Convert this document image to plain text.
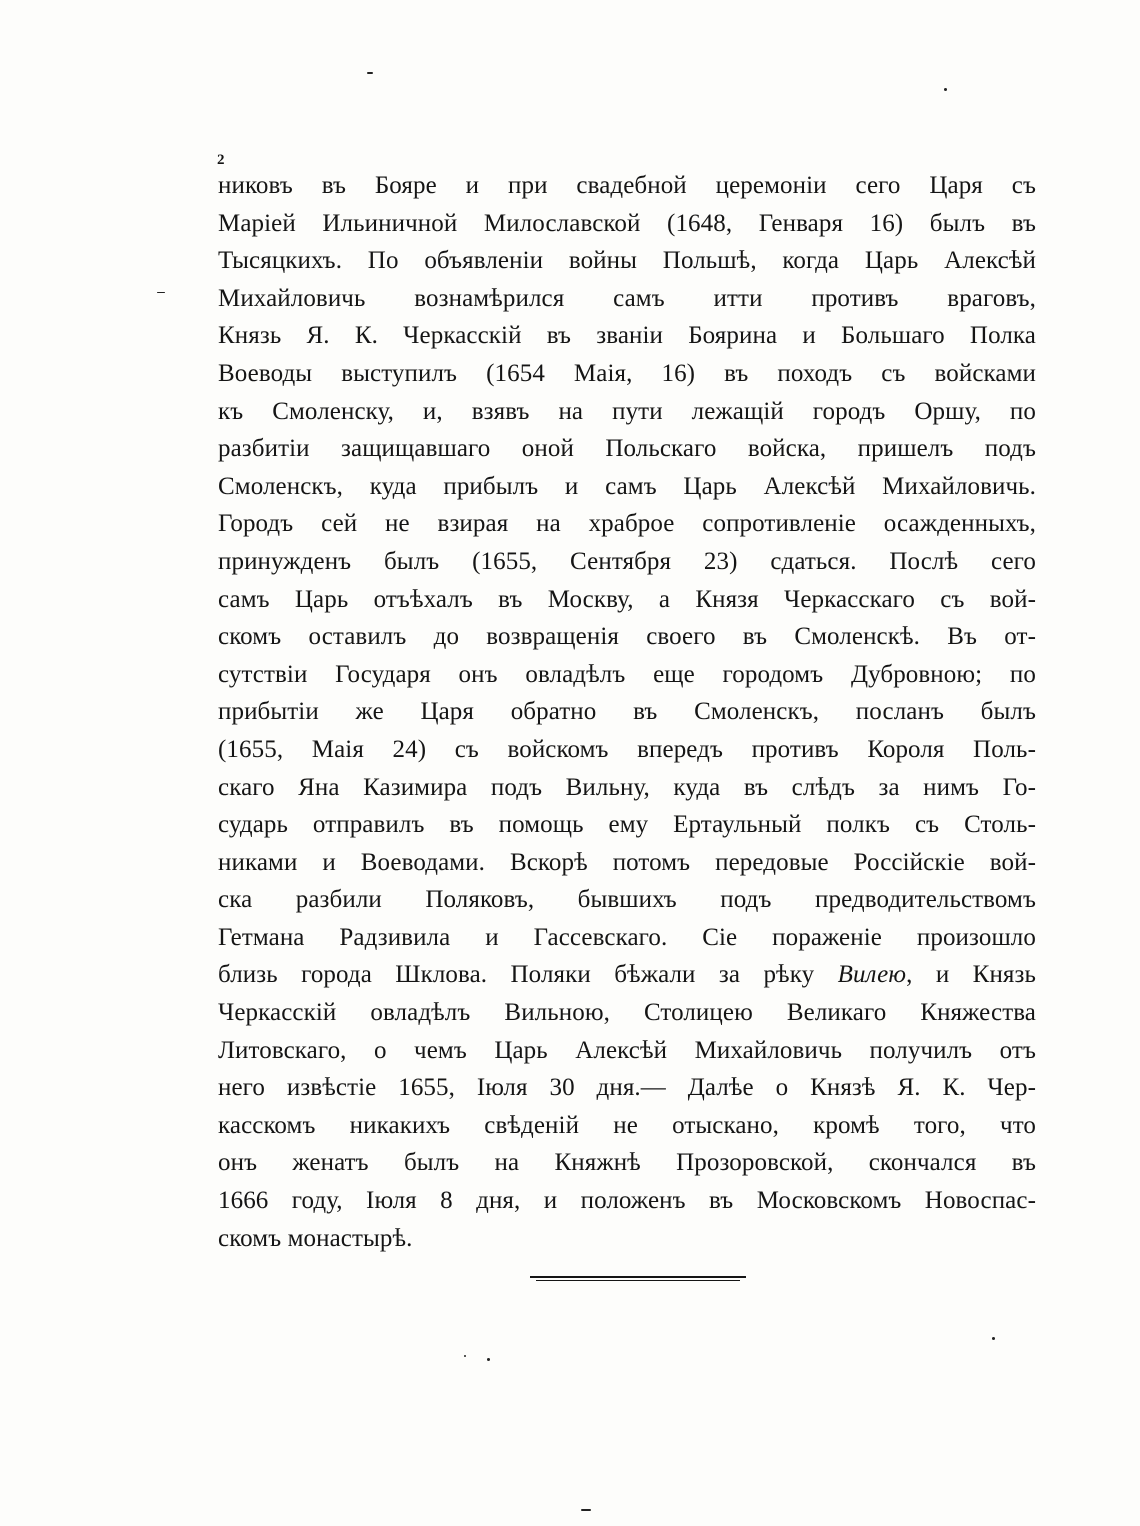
2
никовъ въ Бояре и при свадебной церемоніи сего Царя съ
Маріей Ильиничной Милославской (1648, Генваря 16) былъ въ
Тысяцкихъ. По объявленіи войны Польшѣ, когда Царь Алексѣй
Михайловичь вознамѣрился самъ итти противъ враговъ,
Князь Я. К. Черкасскій въ званіи Боярина и Большаго Полка
Воеводы выступилъ (1654 Мaія, 16) въ походъ съ войсками
къ Смоленску, и, взявъ на пути лежащій городъ Оршу, по
разбитіи защищавшаго оной Польскаго войска, пришелъ подъ
Смоленскъ, куда прибылъ и самъ Царь Алексѣй Михайловичь.
Городъ сей не взирая на храброе сопротивленіе осажденныхъ,
принужденъ былъ (1655, Сентября 23) сдаться. Послѣ сего
самъ Царь отъѣхалъ въ Москву, а Князя Черкасскаго съ вой-
скомъ оставилъ до возвращенія своего въ Смоленскѣ. Въ от-
сутствіи Государя онъ овладѣлъ еще городомъ Дубровною; по
прибытіи же Царя обратно въ Смоленскъ, посланъ былъ
(1655, Мaія 24) съ войскомъ впередъ противъ Короля Поль-
скаго Яна Казимира подъ Вильну, куда въ слѣдъ за нимъ Го-
сударь отправилъ въ помощь ему Ертаульный полкъ съ Столь-
никами и Воеводами. Вскорѣ потомъ передовые Россійскіе вой-
ска разбили Поляковъ, бывшихъ подъ предводительствомъ
Гетмана Радзивила и Гассевскаго. Сіе пораженіе произошло
близь города Шклова. Поляки бѣжали за рѣку Вилею, и Князь
Черкасскій овладѣлъ Вильною, Столицею Великаго Княжества
Литовскаго, о чемъ Царь Алексѣй Михайловичь получилъ отъ
него извѣстіе 1655, Іюля 30 дня.— Далѣе о Князѣ Я. К. Чер-
касскомъ никакихъ свѣденій не отыскано, кромѣ того, что
онъ женатъ былъ на Княжнѣ Прозоровской, скончался въ
1666 году, Іюля 8 дня, и положенъ въ Московскомъ Новоспас-
скомъ монастырѣ.
